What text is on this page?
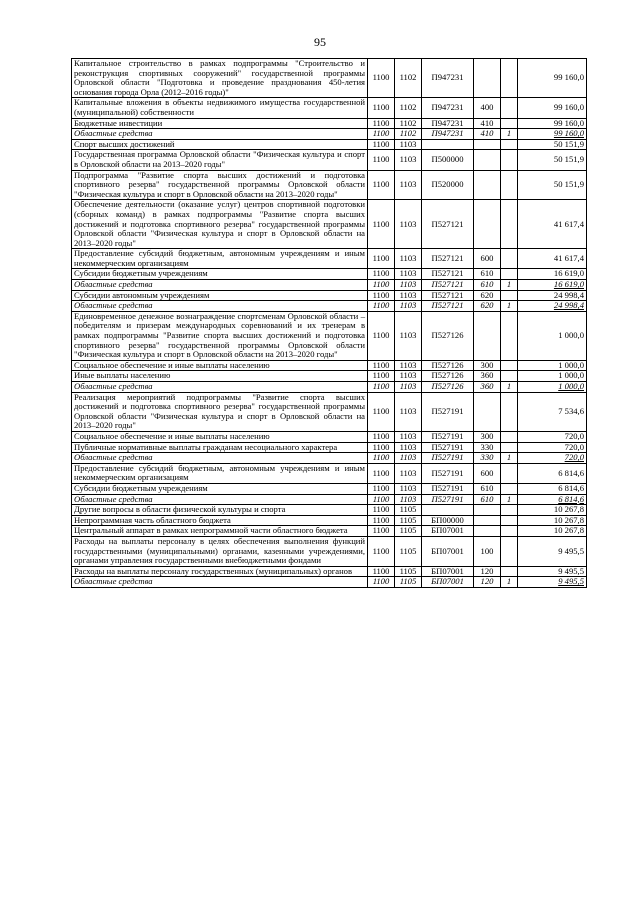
95
Капитальное строительство в рамках подпрограммы "Строительство и реконструкция спортивных сооружений" государственной программы Орловской области "Подготовка и проведение празднования 450-летия основания города Орла (2012–2016 годы)"	1100	1102	П947231			99 160,0
Капитальные вложения в объекты недвижимого имущества государственной (муниципальной) собственности	1100	1102	П947231	400		99 160,0
Бюджетные инвестиции	1100	1102	П947231	410		99 160,0
Областные средства	1100	1102	П947231	410	1	99 160,0
Спорт высших достижений	1100	1103				50 151,9
Государственная программа Орловской области "Физическая культура и спорт в Орловской области на 2013–2020 годы"	1100	1103	П500000			50 151,9
Подпрограмма "Развитие спорта высших достижений и подготовка спортивного резерва" государственной программы Орловской области "Физическая культура и спорт в Орловской области на 2013–2020 годы"	1100	1103	П520000			50 151,9
Обеспечение деятельности (оказание услуг) центров спортивной подготовки (сборных команд) в рамках подпрограммы "Развитие спорта высших достижений и подготовка спортивного резерва" государственной программы Орловской области "Физическая культура и спорт в Орловской области на 2013–2020 годы"	1100	1103	П527121			41 617,4
Предоставление субсидий бюджетным, автономным учреждениям и иным некоммерческим организациям	1100	1103	П527121	600		41 617,4
Субсидии бюджетным учреждениям	1100	1103	П527121	610		16 619,0
Областные средства	1100	1103	П527121	610	1	16 619,0
Субсидии автономным учреждениям	1100	1103	П527121	620		24 998,4
Областные средства	1100	1103	П527121	620	1	24 998,4
Единовременное денежное вознаграждение спортсменам Орловской области – победителям и призерам международных соревнований и их тренерам в рамках подпрограммы "Развитие спорта высших достижений и подготовка спортивного резерва" государственной программы Орловской области "Физическая культура и спорт в Орловской области на 2013–2020 годы"	1100	1103	П527126			1 000,0
Социальное обеспечение и иные выплаты населению	1100	1103	П527126	300		1 000,0
Иные выплаты населению	1100	1103	П527126	360		1 000,0
Областные средства	1100	1103	П527126	360	1	1 000,0
Реализация мероприятий подпрограммы "Развитие спорта высших достижений и подготовка спортивного резерва" государственной программы Орловской области "Физическая культура и спорт в Орловской области на 2013–2020 годы"	1100	1103	П527191			7 534,6
Социальное обеспечение и иные выплаты населению	1100	1103	П527191	300		720,0
Публичные нормативные выплаты гражданам несоциального характера	1100	1103	П527191	330		720,0
Областные средства	1100	1103	П527191	330	1	720,0
Предоставление субсидий бюджетным, автономным учреждениям и иным некоммерческим организациям	1100	1103	П527191	600		6 814,6
Субсидии бюджетным учреждениям	1100	1103	П527191	610		6 814,6
Областные средства	1100	1103	П527191	610	1	6 814,6
Другие вопросы в области физической культуры и спорта	1100	1105				10 267,8
Непрограммная часть областного бюджета	1100	1105	БП00000			10 267,8
Центральный аппарат в рамках непрограммной части областного бюджета	1100	1105	БП07001			10 267,8
Расходы на выплаты персоналу в целях обеспечения выполнения функций государственными (муниципальными) органами, казенными учреждениями, органами управления государственными внебюджетными фондами	1100	1105	БП07001	100		9 495,5
Расходы на выплаты персоналу государственных (муниципальных) органов	1100	1105	БП07001	120		9 495,5
Областные средства	1100	1105	БП07001	120	1	9 495,5
